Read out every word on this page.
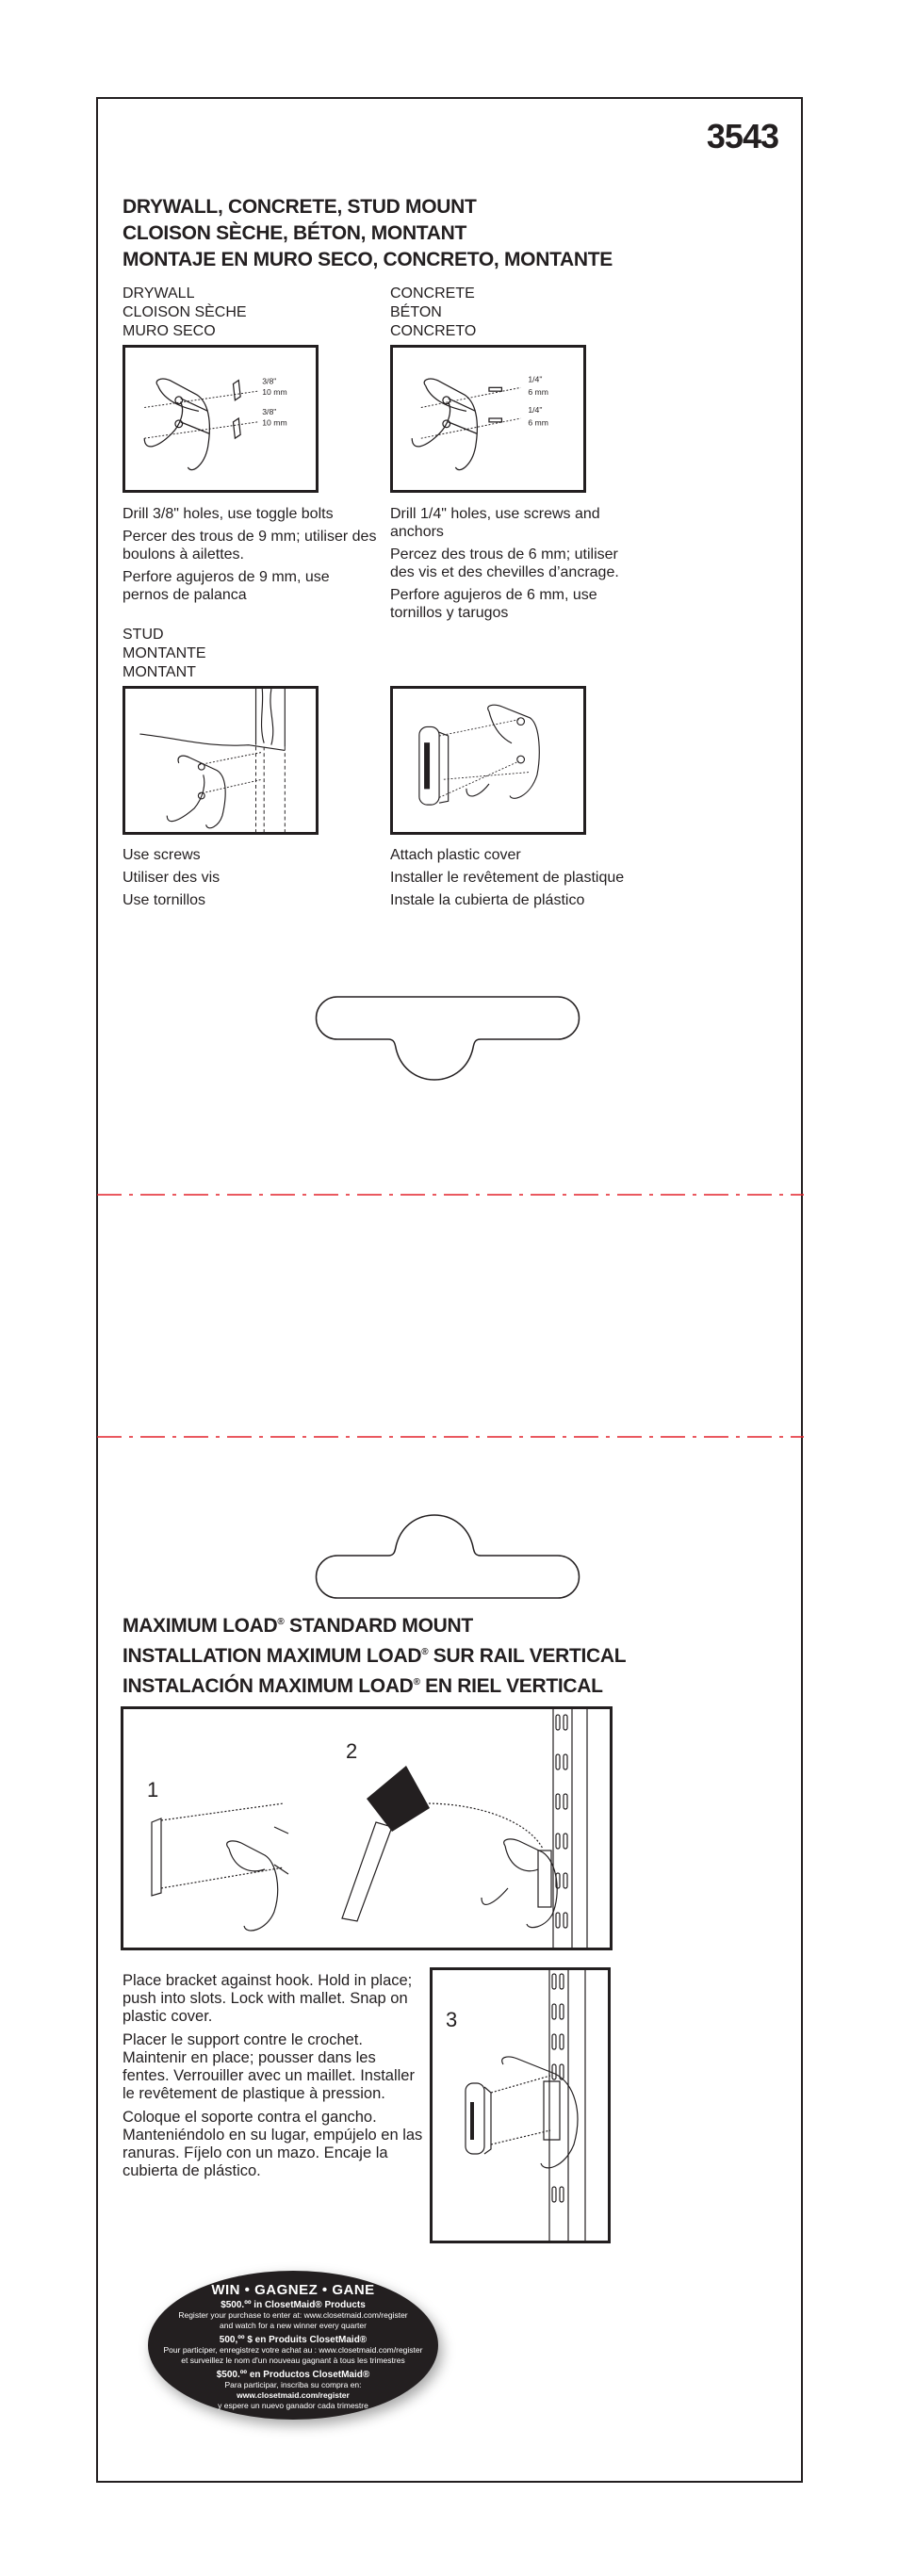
3543
DRYWALL, CONCRETE, STUD MOUNT
CLOISON SÈCHE, BÉTON, MONTANT
MONTAJE EN MURO SECO, CONCRETO, MONTANTE
DRYWALL
CLOISON SÈCHE
MURO SECO
3/8"
10 mm
3/8"
10 mm

Drill 3/8" holes, use toggle bolts

Percer des trous de 9 mm; utiliser des boulons à ailettes.

Perfore agujeros de 9 mm, use pernos de palanca

CONCRETE
BÉTON
CONCRETO
1/4"
6 mm
1/4"
6 mm

Drill 1/4" holes, use screws and anchors

Percez des trous de 6 mm; utiliser des vis et des chevilles d’ancrage.

Perfore agujeros de 6 mm, use tornillos y tarugos

STUD
MONTANTE
MONTANT

Use screws

Utiliser des vis

Use tornillos

Attach plastic cover

Installer le revêtement de plastique

Instale la cubierta de plástico

MAXIMUM LOAD® STANDARD MOUNT
INSTALLATION MAXIMUM LOAD® SUR RAIL VERTICAL
INSTALACIÓN MAXIMUM LOAD® EN RIEL VERTICAL
1
2

Place bracket against hook. Hold in place; push into slots. Lock with mallet. Snap on plastic cover.

Placer le support contre le crochet. Maintenir en place; pousser dans les fentes. Verrouiller avec un maillet. Installer le revêtement de plastique à pression.

Coloque el soporte contra el gancho. Manteniéndolo en su lugar, empújelo en las ranuras. Fíjelo con un mazo. Encaje la cubierta de plástico.

3
WIN • GAGNEZ • GANE
$500.ºº in ClosetMaid® Products
Register your purchase to enter at: www.closetmaid.com/register
and watch for a new winner every quarter
500,ºº $ en Produits ClosetMaid®
Pour participer, enregistrez votre achat au : www.closetmaid.com/register
et surveillez le nom d'un nouveau gagnant à tous les trimestres
$500.ºº en Productos ClosetMaid®
Para participar, inscriba su compra en:
www.closetmaid.com/register
y espere un nuevo ganador cada trimestre
